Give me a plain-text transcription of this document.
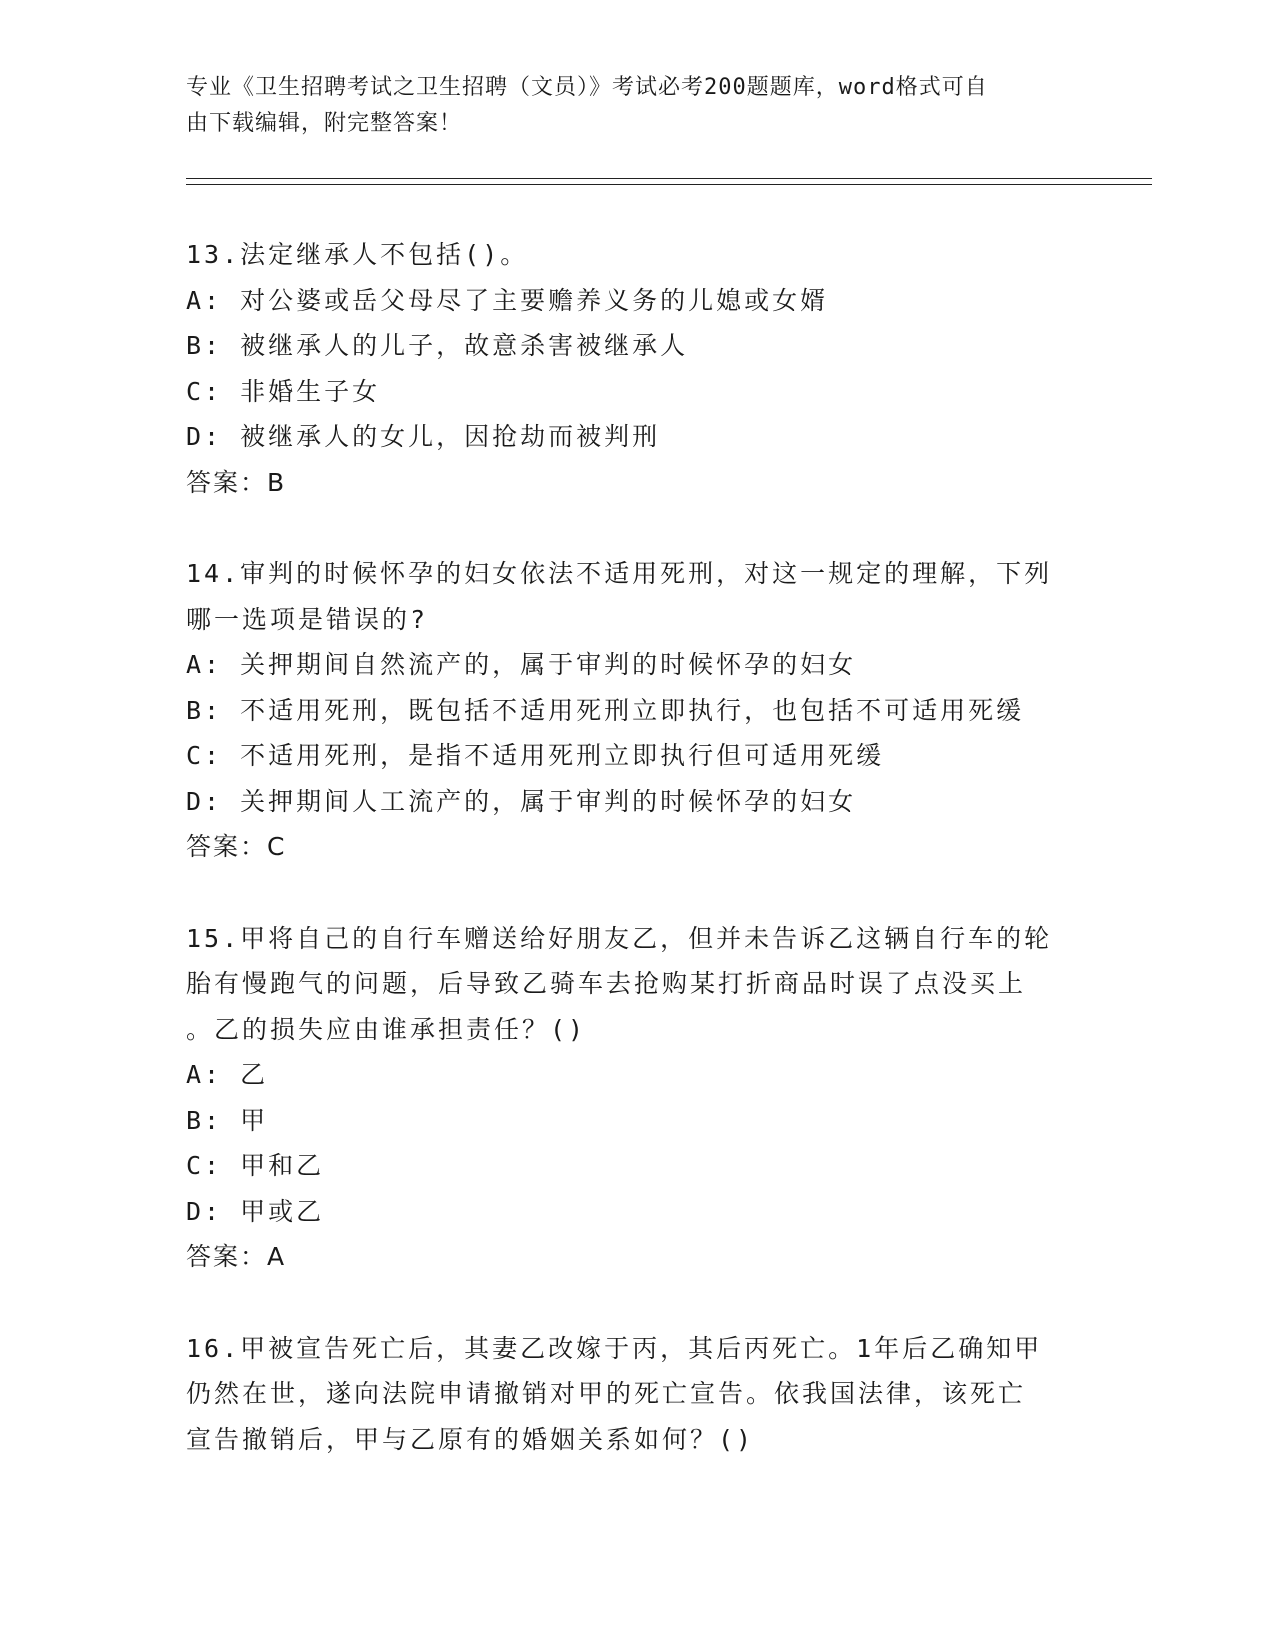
专业《卫生招聘考试之卫生招聘（文员）》考试必考200题题库，word格式可自
由下载编辑，附完整答案！

13.法定继承人不包括()。

A: 对公婆或岳父母尽了主要赡养义务的儿媳或女婿

B: 被继承人的儿子，故意杀害被继承人

C: 非婚生子女

D: 被继承人的女儿，因抢劫而被判刑

答案：B

14.审判的时候怀孕的妇女依法不适用死刑，对这一规定的理解，下列

哪一选项是错误的?

A: 关押期间自然流产的，属于审判的时候怀孕的妇女

B: 不适用死刑，既包括不适用死刑立即执行，也包括不可适用死缓

C: 不适用死刑，是指不适用死刑立即执行但可适用死缓

D: 关押期间人工流产的，属于审判的时候怀孕的妇女

答案：C

15.甲将自己的自行车赠送给好朋友乙，但并未告诉乙这辆自行车的轮

胎有慢跑气的问题，后导致乙骑车去抢购某打折商品时误了点没买上

。乙的损失应由谁承担责任？()

A: 乙

B: 甲

C: 甲和乙

D: 甲或乙

答案：A

16.甲被宣告死亡后，其妻乙改嫁于丙，其后丙死亡。1年后乙确知甲

仍然在世，遂向法院申请撤销对甲的死亡宣告。依我国法律，该死亡

宣告撤销后，甲与乙原有的婚姻关系如何？()
